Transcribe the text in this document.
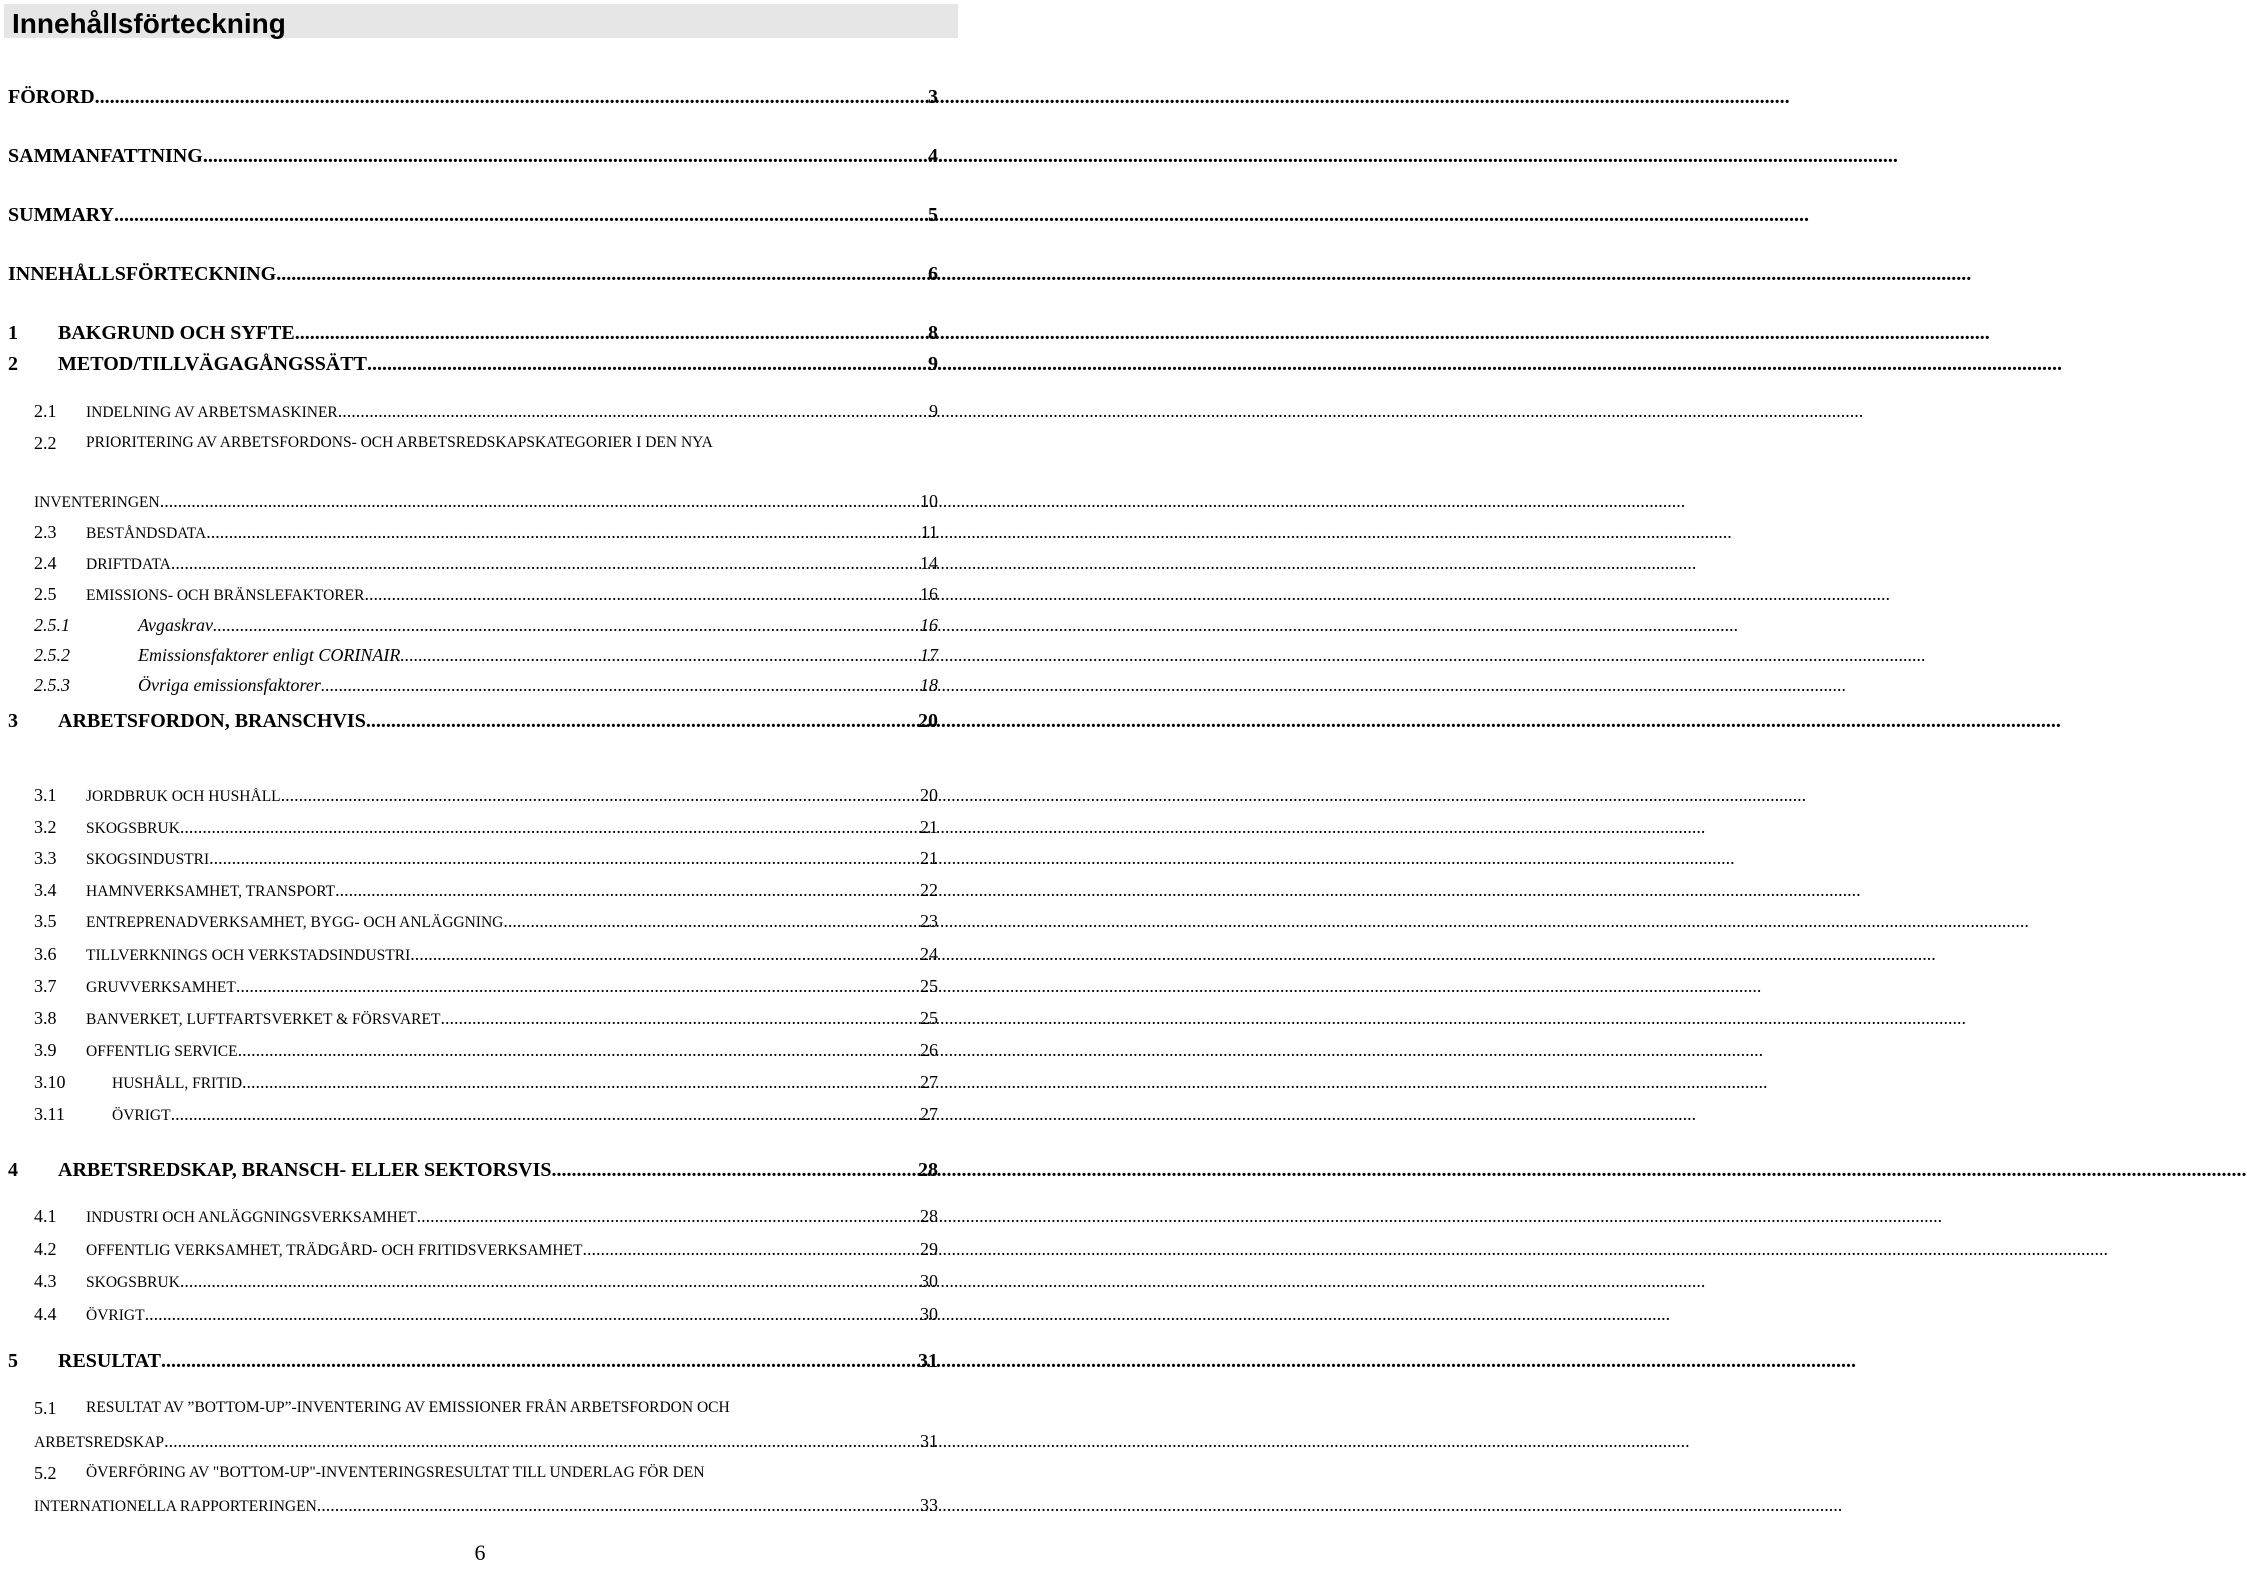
Innehållsförteckning
FÖRORD .....	3
SAMMANFATTNING .....	4
SUMMARY .....	5
INNEHÅLLSFÖRTECKNING .....	6
1	BAKGRUND OCH SYFTE .....	8
2	METOD/TILLVÄGAGÅNGSSÄTT .....	9
2.1	INDELNING AV ARBETSMASKINER .....	9
2.2 PRIORITERING AV ARBETSFORDONS- OCH ARBETSREDSKAPSKATEGORIER I DEN NYA
INVENTERINGEN .....	10
2.3	BESTÅNDSDATA .....	11
2.4	DRIFTDATA .....	14
2.5	EMISSIONS- OCH BRÄNSLEFAKTORER .....	16
2.5.1	Avgaskrav .....	16
2.5.2	Emissionsfaktorer enligt CORINAIR .....	17
2.5.3	Övriga emissionsfaktorer .....	18
3	ARBETSFORDON, BRANSCHVIS .....	20
3.1	JORDBRUK OCH HUSHÅLL .....	20
3.2	SKOGSBRUK .....	21
3.3	SKOGSINDUSTRI .....	21
3.4	HAMNVERKSAMHET, TRANSPORT .....	22
3.5	ENTREPRENADVERKSAMHET, BYGG- OCH ANLÄGGNING .....	23
3.6	TILLVERKNINGS OCH VERKSTADSINDUSTRI .....	24
3.7	GRUVVERKSAMHET .....	25
3.8	BANVERKET, LUFTFARTSVERKET & FÖRSVARET .....	25
3.9	OFFENTLIG SERVICE .....	26
3.10	HUSHÅLL, FRITID .....	27
3.11	ÖVRIGT .....	27
4	ARBETSREDSKAP, BRANSCH- ELLER SEKTORSVIS .....	28
4.1	INDUSTRI OCH ANLÄGGNINGSVERKSAMHET .....	28
4.2	OFFENTLIG VERKSAMHET, TRÄDGÅRD- OCH FRITIDSVERKSAMHET .....	29
4.3	SKOGSBRUK .....	30
4.4	ÖVRIGT .....	30
5	RESULTAT .....	31
5.1 RESULTAT AV ”BOTTOM-UP”-INVENTERING AV EMISSIONER FRÅN ARBETSFORDON OCH
ARBETSREDSKAP .....	31
5.2 ÖVERFÖRING AV "BOTTOM-UP"-INVENTERINGSRESULTAT TILL UNDERLAG FÖR DEN
INTERNATIONELLA RAPPORTERINGEN .....	33
6
